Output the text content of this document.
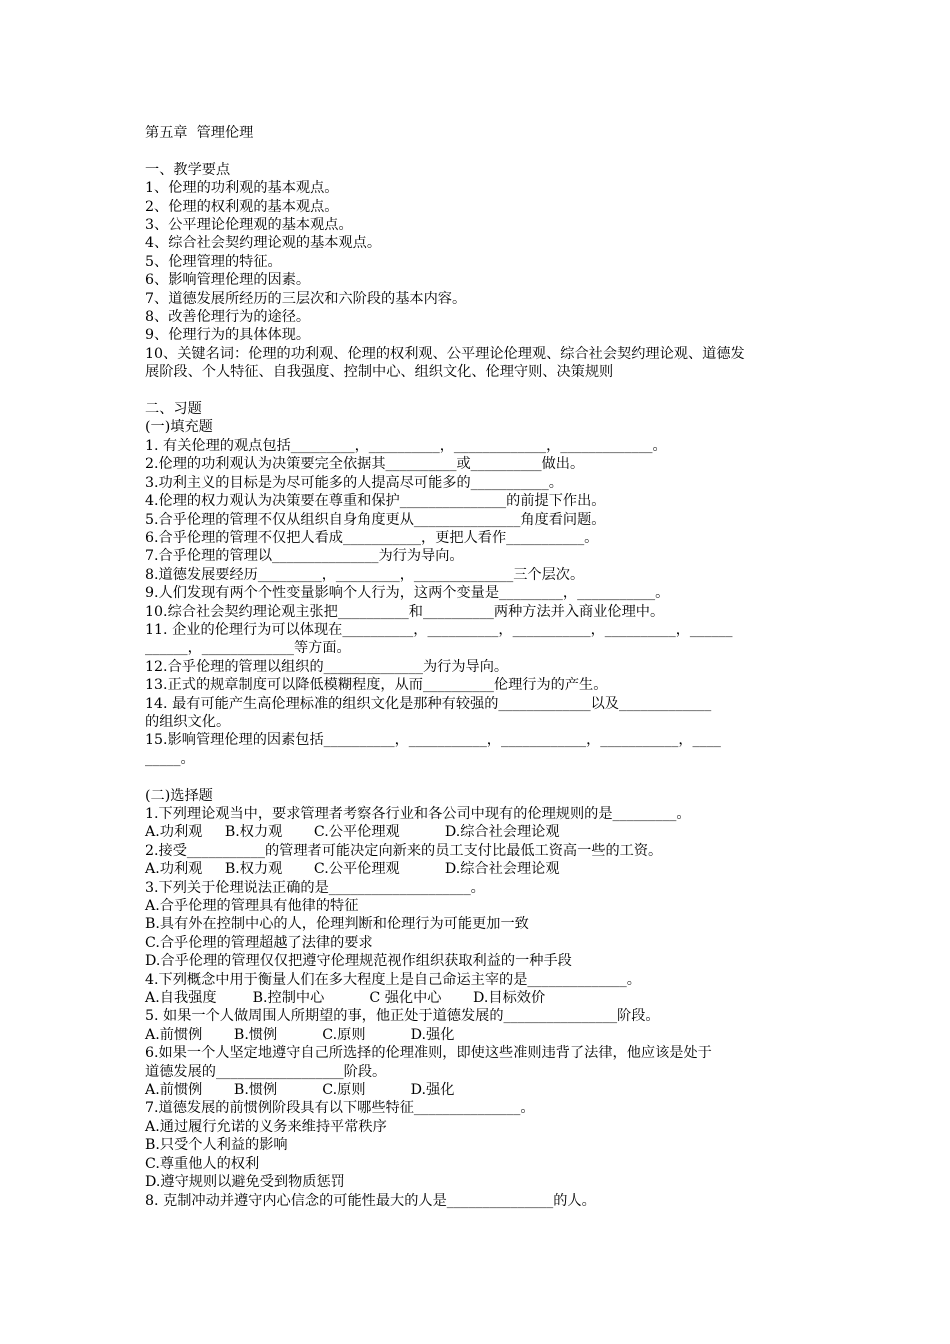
第五章  管理伦理
一、教学要点
1、伦理的功利观的基本观点。
2、伦理的权利观的基本观点。
3、公平理论伦理观的基本观点。
4、综合社会契约理论观的基本观点。
5、伦理管理的特征。
6、影响管理伦理的因素。
7、道德发展所经历的三层次和六阶段的基本内容。
8、改善伦理行为的途径。
9、伦理行为的具体体现。
10、关键名词：伦理的功利观、伦理的权利观、公平理论伦理观、综合社会契约理论观、道德发
展阶段、个人特征、自我强度、控制中心、组织文化、伦理守则、决策规则
二、习题
(一)填充题
1. 有关伦理的观点包括_________，__________，_____________，_____________。
2.伦理的功利观认为决策要完全依据其__________或__________做出。
3.功利主义的目标是为尽可能多的人提高尽可能多的___________。
4.伦理的权力观认为决策要在尊重和保护_______________的前提下作出。
5.合乎伦理的管理不仅从组织自身角度更从_______________角度看问题。
6.合乎伦理的管理不仅把人看成___________，更把人看作___________。
7.合乎伦理的管理以_______________为行为导向。
8.道德发展要经历_________，_________，______________三个层次。
9.人们发现有两个个性变量影响个人行为，这两个变量是_________，___________。
10.综合社会契约理论观主张把__________和__________两种方法并入商业伦理中。
11. 企业的伦理行为可以体现在__________，__________，___________，__________，______
______，_____________等方面。
12.合乎伦理的管理以组织的______________为行为导向。
13.正式的规章制度可以降低模糊程度，从而__________伦理行为的产生。
14. 最有可能产生高伦理标准的组织文化是那种有较强的_____________以及_____________
的组织文化。
15.影响管理伦理的因素包括__________，___________，____________，___________，____
_____。
(二)选择题
1.下列理论观当中，要求管理者考察各行业和各公司中现有的伦理规则的是_________。
A.功利观     B.权力观       C.公平伦理观          D.综合社会理论观
2.接受___________的管理者可能决定向新来的员工支付比最低工资高一些的工资。
A.功利观     B.权力观       C.公平伦理观          D.综合社会理论观
3.下列关于伦理说法正确的是____________________。
A.合乎伦理的管理具有他律的特征
B.具有外在控制中心的人，伦理判断和伦理行为可能更加一致
C.合乎伦理的管理超越了法律的要求
D.合乎伦理的管理仅仅把遵守伦理规范视作组织获取利益的一种手段
4.下列概念中用于衡量人们在多大程度上是自己命运主宰的是______________。
A.自我强度        B.控制中心          C 强化中心       D.目标效价
5. 如果一个人做周围人所期望的事，他正处于道德发展的________________阶段。
A.前惯例       B.惯例          C.原则          D.强化
6.如果一个人坚定地遵守自己所选择的伦理准则，即使这些准则违背了法律，他应该是处于
道德发展的__________________阶段。
A.前惯例       B.惯例          C.原则          D.强化
7.道德发展的前惯例阶段具有以下哪些特征_______________。
A.通过履行允诺的义务来维持平常秩序
B.只受个人利益的影响
C.尊重他人的权利
D.遵守规则以避免受到物质惩罚
8. 克制冲动并遵守内心信念的可能性最大的人是_______________的人。
